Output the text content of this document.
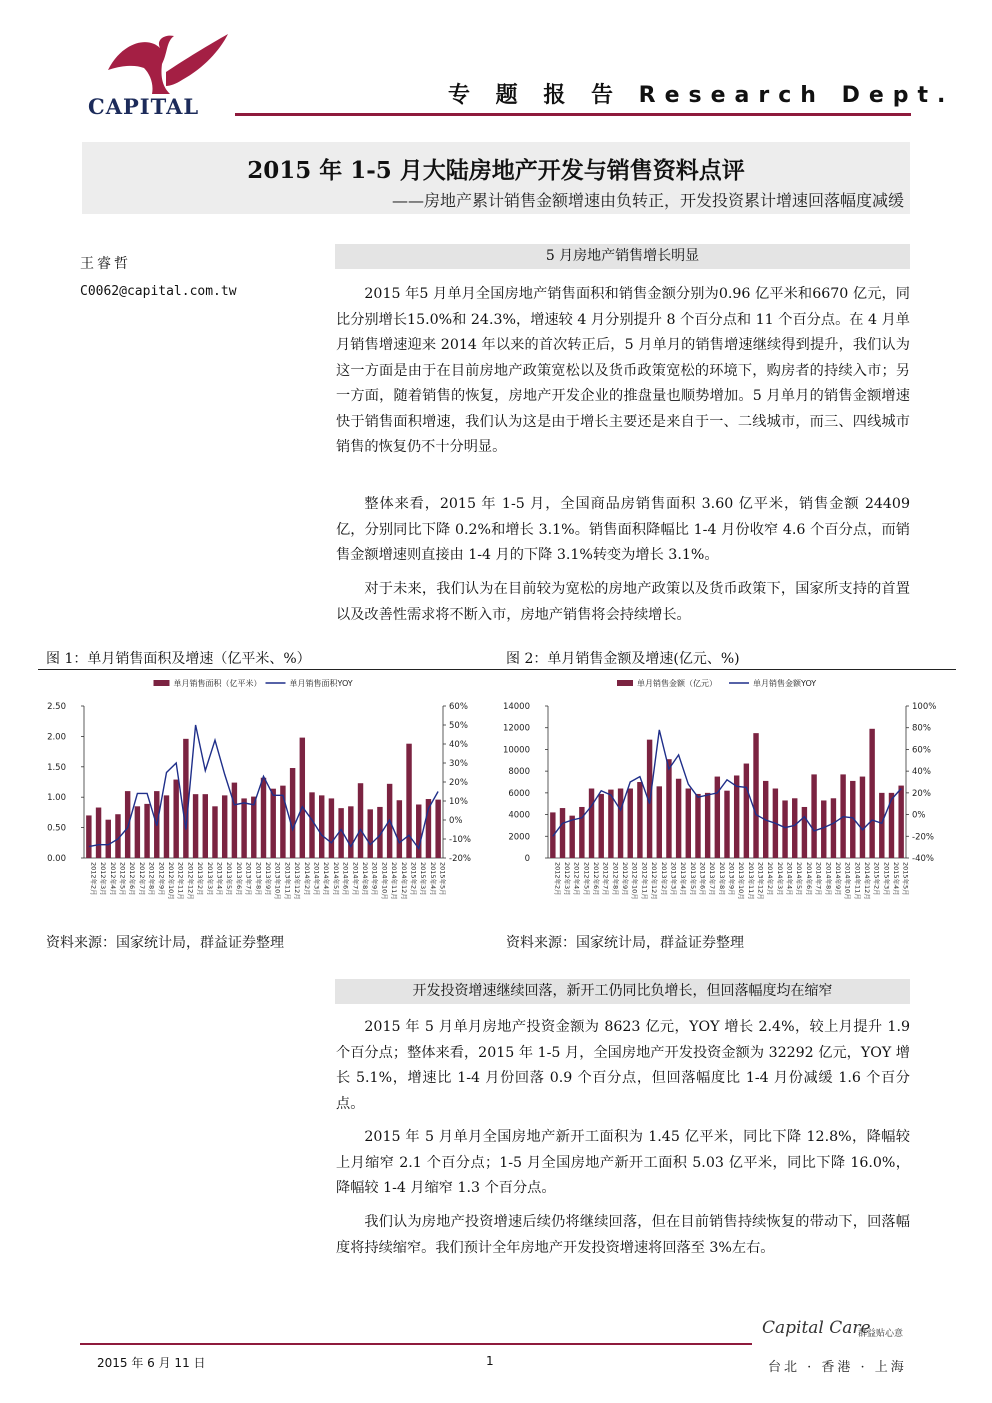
CAPITAL	专 题 报 告 Research Dept.
2015 年 1-5 月大陆房地产开发与销售资料点评
——房地产累计销售金额增速由负转正，开发投资累计增速回落幅度减缓
王睿哲
C0062@capital.com.tw
5 月房地产销售增长明显
2015 年5 月单月全国房地产销售面积和销售金额分别为0.96 亿平米和6670 亿元，同比分别增长15.0%和 24.3%，增速较 4 月分别提升 8 个百分点和 11 个百分点。在 4 月单月销售增速迎来 2014 年以来的首次转正后，5 月单月的销售增速继续得到提升，我们认为这一方面是由于在目前房地产政策宽松以及货币政策宽松的环境下，购房者的持续入市；另一方面，随着销售的恢复，房地产开发企业的推盘量也顺势增加。5 月单月的销售金额增速快于销售面积增速，我们认为这是由于增长主要还是来自于一、二线城市，而三、四线城市销售的恢复仍不十分明显。
整体来看，2015 年 1-5 月，全国商品房销售面积 3.60 亿平米，销售金额 24409 亿，分别同比下降 0.2%和增长 3.1%。销售面积降幅比 1-4 月份收窄 4.6 个百分点，而销售金额增速则直接由 1-4 月的下降 3.1%转变为增长 3.1%。
对于未来，我们认为在目前较为宽松的房地产政策以及货币政策下，国家所支持的首置以及改善性需求将不断入市，房地产销售将会持续增长。
图 1：单月销售面积及增速（亿平米、%）	图 2：单月销售金额及增速(亿元、%)
单月销售面积（亿平米）	单月销售面积YOY
0.00
0.50
1.00
1.50
2.00
2.50
-20%
-10%
0%
10%
20%
30%
40%
50%
60%
2012年2月 2012年3月 2012年4月 2012年5月 2012年6月 2012年7月 2012年8月 2012年9月 2012年10月 2012年11月 2012年12月 2013年2月 2013年3月 2013年4月 2013年5月 2013年6月 2013年7月 2013年8月 2013年9月 2013年10月 2013年11月 2013年12月 2014年2月 2014年3月 2014年4月 2014年5月 2014年6月 2014年7月 2014年8月 2014年9月 2014年10月 2014年11月 2014年12月 2015年2月 2015年3月 2015年4月 2015年5月
单月销售金额（亿元）	单月销售金额YOY
0
2000
4000
6000
8000
10000
12000
14000
-40%
-20%
0%
20%
40%
60%
80%
100%
2012年2月 2012年3月 2012年4月 2012年5月 2012年6月 2012年7月 2012年8月 2012年9月 2012年10月 2012年11月 2012年12月 2013年2月 2013年3月 2013年4月 2013年5月 2013年6月 2013年7月 2013年8月 2013年9月 2013年10月 2013年11月 2013年12月 2014年2月 2014年3月 2014年4月 2014年5月 2014年6月 2014年7月 2014年8月 2014年9月 2014年10月 2014年11月 2014年12月 2015年2月 2015年3月 2015年4月 2015年5月
资料来源：国家统计局，群益证券整理	资料来源：国家统计局，群益证券整理
开发投资增速继续回落，新开工仍同比负增长，但回落幅度均在缩窄
2015 年 5 月单月房地产投资金额为 8623 亿元，YOY 增长 2.4%，较上月提升 1.9 个百分点；整体来看，2015 年 1-5 月，全国房地产开发投资金额为 32292 亿元，YOY 增长 5.1%，增速比 1-4 月份回落 0.9 个百分点，但回落幅度比 1-4 月份减缓 1.6 个百分点。
2015 年 5 月单月全国房地产新开工面积为 1.45 亿平米，同比下降 12.8%，降幅较上月缩窄 2.1 个百分点；1-5 月全国房地产新开工面积 5.03 亿平米，同比下降 16.0%，降幅较 1-4 月缩窄 1.3 个百分点。
我们认为房地产投资增速后续仍将继续回落，但在目前销售持续恢复的带动下，回落幅度将持续缩窄。我们预计全年房地产开发投资增速将回落至 3%左右。
Capital Care
群益贴心意
2015 年 6 月 11 日	1	台北 · 香港 · 上海
